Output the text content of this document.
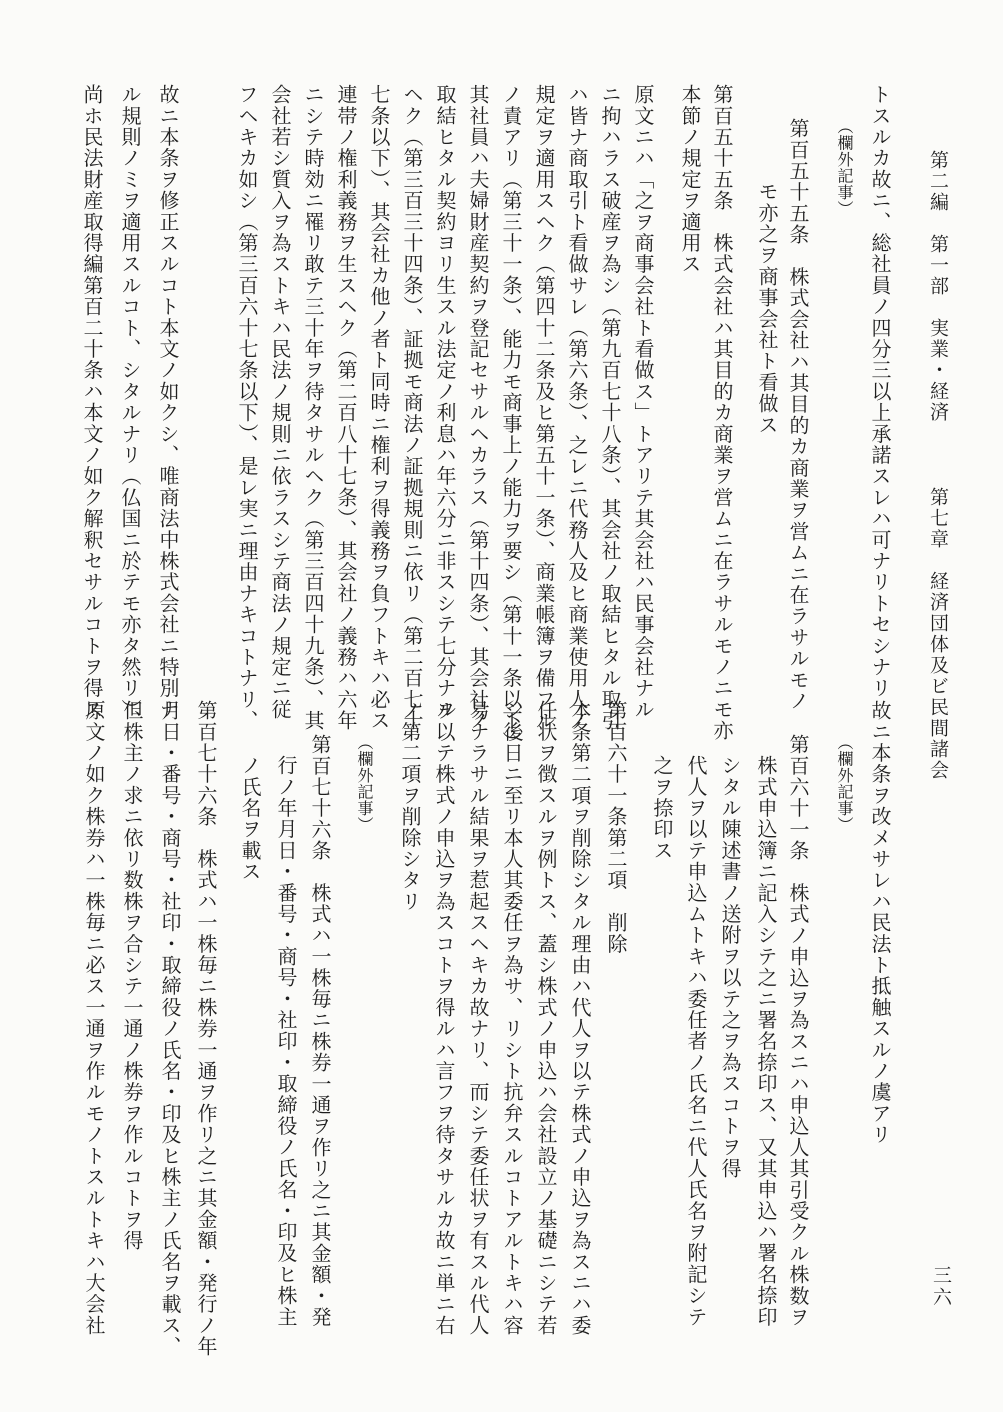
第二編　第一部　実業・経済  第七章　経済団体及ビ民間諸会
三六
トスルカ故ニ、総社員ノ四分三以上承諾スレハ可ナリトセシナリ
（欄外記事）
第百五十五条　株式会社ハ其目的カ商業ヲ営ムニ在ラサルモノ
モ亦之ヲ商事会社ト看做ス
第百五十五条　株式会社ハ其目的カ商業ヲ営ムニ在ラサルモノニモ亦
本節ノ規定ヲ適用ス
原文ニハ「之ヲ商事会社ト看做ス」トアリテ其会社ハ民事会社ナル
ニ拘ハラス破産ヲ為シ（第九百七十八条）、其会社ノ取結ヒタル取引
ハ皆ナ商取引ト看做サレ（第六条）、之レニ代務人及ヒ商業使用人ノ
規定ヲ適用スヘク（第四十二条及ヒ第五十一条）、商業帳簿ヲ備フル
ノ責アリ（第三十一条）、能力モ商事上ノ能力ヲ要シ（第十一条以下）
其社員ハ夫婦財産契約ヲ登記セサルヘカラス（第十四条）、其会社ノ
取結ヒタル契約ヨリ生スル法定ノ利息ハ年六分ニ非スシテ七分ナル
ヘク（第三百三十四条）、証拠モ商法ノ証拠規則ニ依リ（第二百七十
七条以下）、其会社カ他ノ者ト同時ニ権利ヲ得義務ヲ負フトキハ必ス
連帯ノ権利義務ヲ生スヘク（第二百八十七条）、其会社ノ義務ハ六年
ニシテ時効ニ罹リ敢テ三十年ヲ待タサルヘク（第三百四十九条）、其
会社若シ質入ヲ為ストキハ民法ノ規則ニ依ラスシテ商法ノ規定ニ従
フヘキカ如シ（第三百六十七条以下）、是レ実ニ理由ナキコトナリ、
故ニ本条ヲ修正スルコト本文ノ如クシ、唯商法中株式会社ニ特別ナ
ル規則ノミヲ適用スルコト、シタルナリ（仏国ニ於テモ亦タ然リ）、
尚ホ民法財産取得編第百二十条ハ本文ノ如ク解釈セサルコトヲ得ス
故ニ本条ヲ改メサレハ民法ト抵触スルノ虞アリ
（欄外記事）
第百六十一条　株式ノ申込ヲ為スニハ申込人其引受クル株数ヲ
株式申込簿ニ記入シテ之ニ署名捺印ス、又其申込ハ署名捺印
シタル陳述書ノ送附ヲ以テ之ヲ為スコトヲ得
代人ヲ以テ申込ムトキハ委任者ノ氏名ニ代人氏名ヲ附記シテ
之ヲ捺印ス
第百六十一条第二項　削除
本条第二項ヲ削除シタル理由ハ代人ヲ以テ株式ノ申込ヲ為スニハ委
任状ヲ徴スルヲ例トス、蓋シ株式ノ申込ハ会社設立ノ基礎ニシテ若
シ後日ニ至リ本人其委任ヲ為サ、リシト抗弁スルコトアルトキハ容
易ナラサル結果ヲ惹起スヘキカ故ナリ、而シテ委任状ヲ有スル代人
ヲ以テ株式ノ申込ヲ為スコトヲ得ルハ言フヲ待タサルカ故ニ単ニ右
ノ第二項ヲ削除シタリ
（欄外記事）
第百七十六条　株式ハ一株毎ニ株券一通ヲ作リ之ニ其金額・発
行ノ年月日・番号・商号・社印・取締役ノ氏名・印及ヒ株主
ノ氏名ヲ載ス
第百七十六条　株式ハ一株毎ニ株券一通ヲ作リ之ニ其金額・発行ノ年
月日・番号・商号・社印・取締役ノ氏名・印及ヒ株主ノ氏名ヲ載ス、
但株主ノ求ニ依リ数株ヲ合シテ一通ノ株券ヲ作ルコトヲ得
原文ノ如ク株券ハ一株毎ニ必ス一通ヲ作ルモノトスルトキハ大会社
